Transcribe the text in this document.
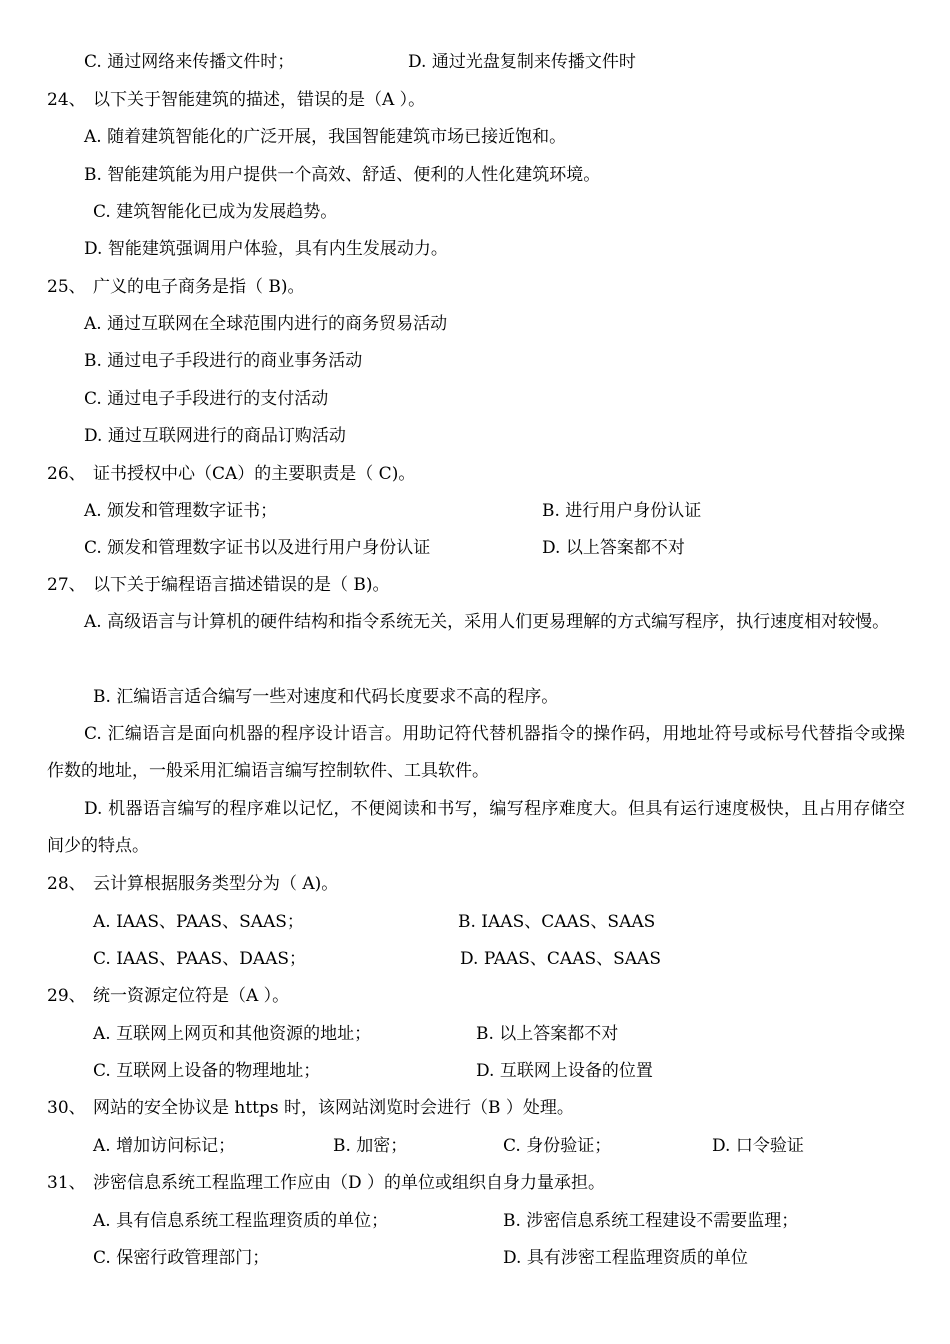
C. 通过网络来传播文件时；	D. 通过光盘复制来传播文件时
24、 以下关于智能建筑的描述，错误的是（A ）。
A. 随着建筑智能化的广泛开展，我国智能建筑市场已接近饱和。
B. 智能建筑能为用户提供一个高效、舒适、便利的人性化建筑环境。
C. 建筑智能化已成为发展趋势。
D. 智能建筑强调用户体验，具有内生发展动力。
25、 广义的电子商务是指（ B)。
A. 通过互联网在全球范围内进行的商务贸易活动
B. 通过电子手段进行的商业事务活动
C. 通过电子手段进行的支付活动
D. 通过互联网进行的商品订购活动
26、 证书授权中心（CA）的主要职责是（ C)。
A. 颁发和管理数字证书；	B. 进行用户身份认证
C. 颁发和管理数字证书以及进行用户身份认证	D. 以上答案都不对
27、 以下关于编程语言描述错误的是（ B)。
A. 高级语言与计算机的硬件结构和指令系统无关，采用人们更易理解的方式编写程序，执行速度相对较慢。
B. 汇编语言适合编写一些对速度和代码长度要求不高的程序。
C. 汇编语言是面向机器的程序设计语言。用助记符代替机器指令的操作码，用地址符号或标号代替指令或操作数的地址，一般采用汇编语言编写控制软件、工具软件。
D. 机器语言编写的程序难以记忆，不便阅读和书写，编写程序难度大。但具有运行速度极快，且占用存储空间少的特点。
28、 云计算根据服务类型分为（ A)。
A. IAAS、PAAS、SAAS；	B. IAAS、CAAS、SAAS
C. IAAS、PAAS、DAAS；	D. PAAS、CAAS、SAAS
29、 统一资源定位符是（A ）。
A. 互联网上网页和其他资源的地址；	B. 以上答案都不对
C. 互联网上设备的物理地址；	D. 互联网上设备的位置
30、 网站的安全协议是 https 时，该网站浏览时会进行（B ）处理。
A. 增加访问标记；	B. 加密；	C. 身份验证；	D. 口令验证
31、 涉密信息系统工程监理工作应由（D ）的单位或组织自身力量承担。
A. 具有信息系统工程监理资质的单位；	B. 涉密信息系统工程建设不需要监理；
C. 保密行政管理部门；	D. 具有涉密工程监理资质的单位
